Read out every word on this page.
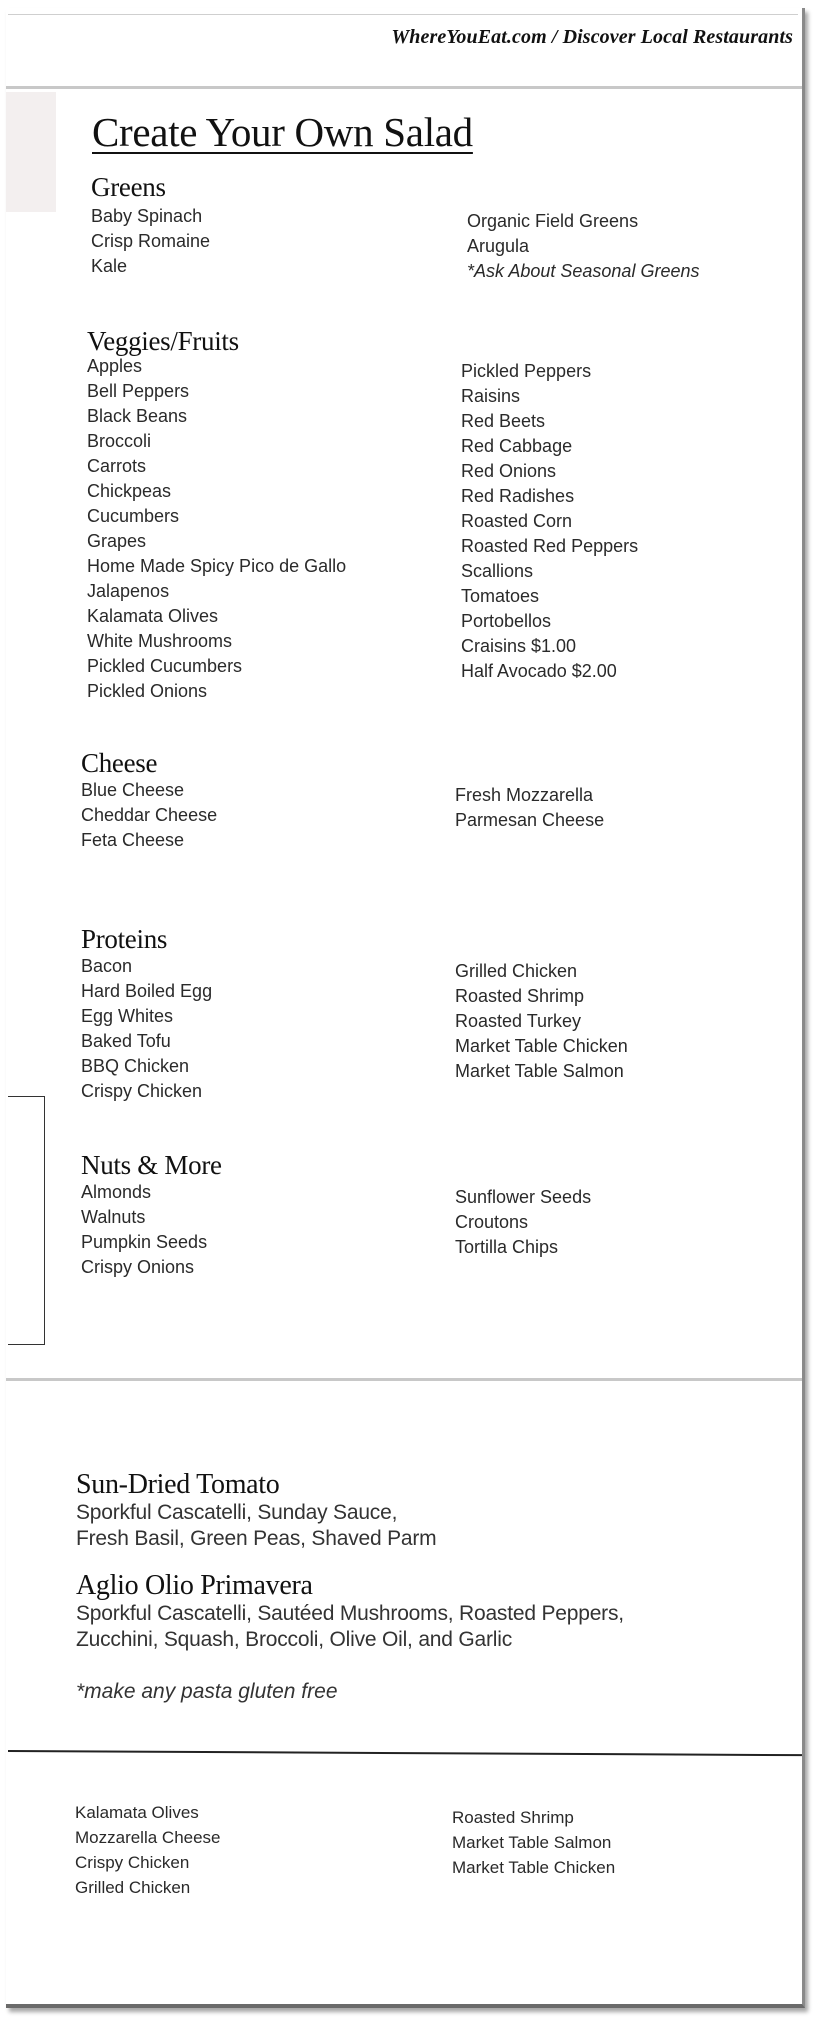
WhereYouEat.com / Discover Local Restaurants
Create Your Own Salad
Greens
Baby Spinach
Crisp Romaine
Kale
Organic Field Greens
Arugula
*Ask About Seasonal Greens
Veggies/Fruits
Apples
Bell Peppers
Black Beans
Broccoli
Carrots
Chickpeas
Cucumbers
Grapes
Home Made Spicy Pico de Gallo
Jalapenos
Kalamata Olives
White Mushrooms
Pickled Cucumbers
Pickled Onions
Pickled Peppers
Raisins
Red Beets
Red Cabbage
Red Onions
Red Radishes
Roasted Corn
Roasted Red Peppers
Scallions
Tomatoes
Portobellos
Craisins $1.00
Half Avocado $2.00
Cheese
Blue Cheese
Cheddar Cheese
Feta Cheese
Fresh Mozzarella
Parmesan Cheese
Proteins
Bacon
Hard Boiled Egg
Egg Whites
Baked Tofu
BBQ Chicken
Crispy Chicken
Grilled Chicken
Roasted Shrimp
Roasted Turkey
Market Table Chicken
Market Table Salmon
Nuts & More
Almonds
Walnuts
Pumpkin Seeds
Crispy Onions
Sunflower Seeds
Croutons
Tortilla Chips
Sun-Dried Tomato
Sporkful Cascatelli, Sunday Sauce,
Fresh Basil, Green Peas, Shaved Parm
Aglio Olio Primavera
Sporkful Cascatelli, Sautéed Mushrooms, Roasted Peppers,
Zucchini, Squash, Broccoli, Olive Oil, and Garlic
*make any pasta gluten free
Kalamata Olives
Mozzarella Cheese
Crispy Chicken
Grilled Chicken
Roasted Shrimp
Market Table Salmon
Market Table Chicken
